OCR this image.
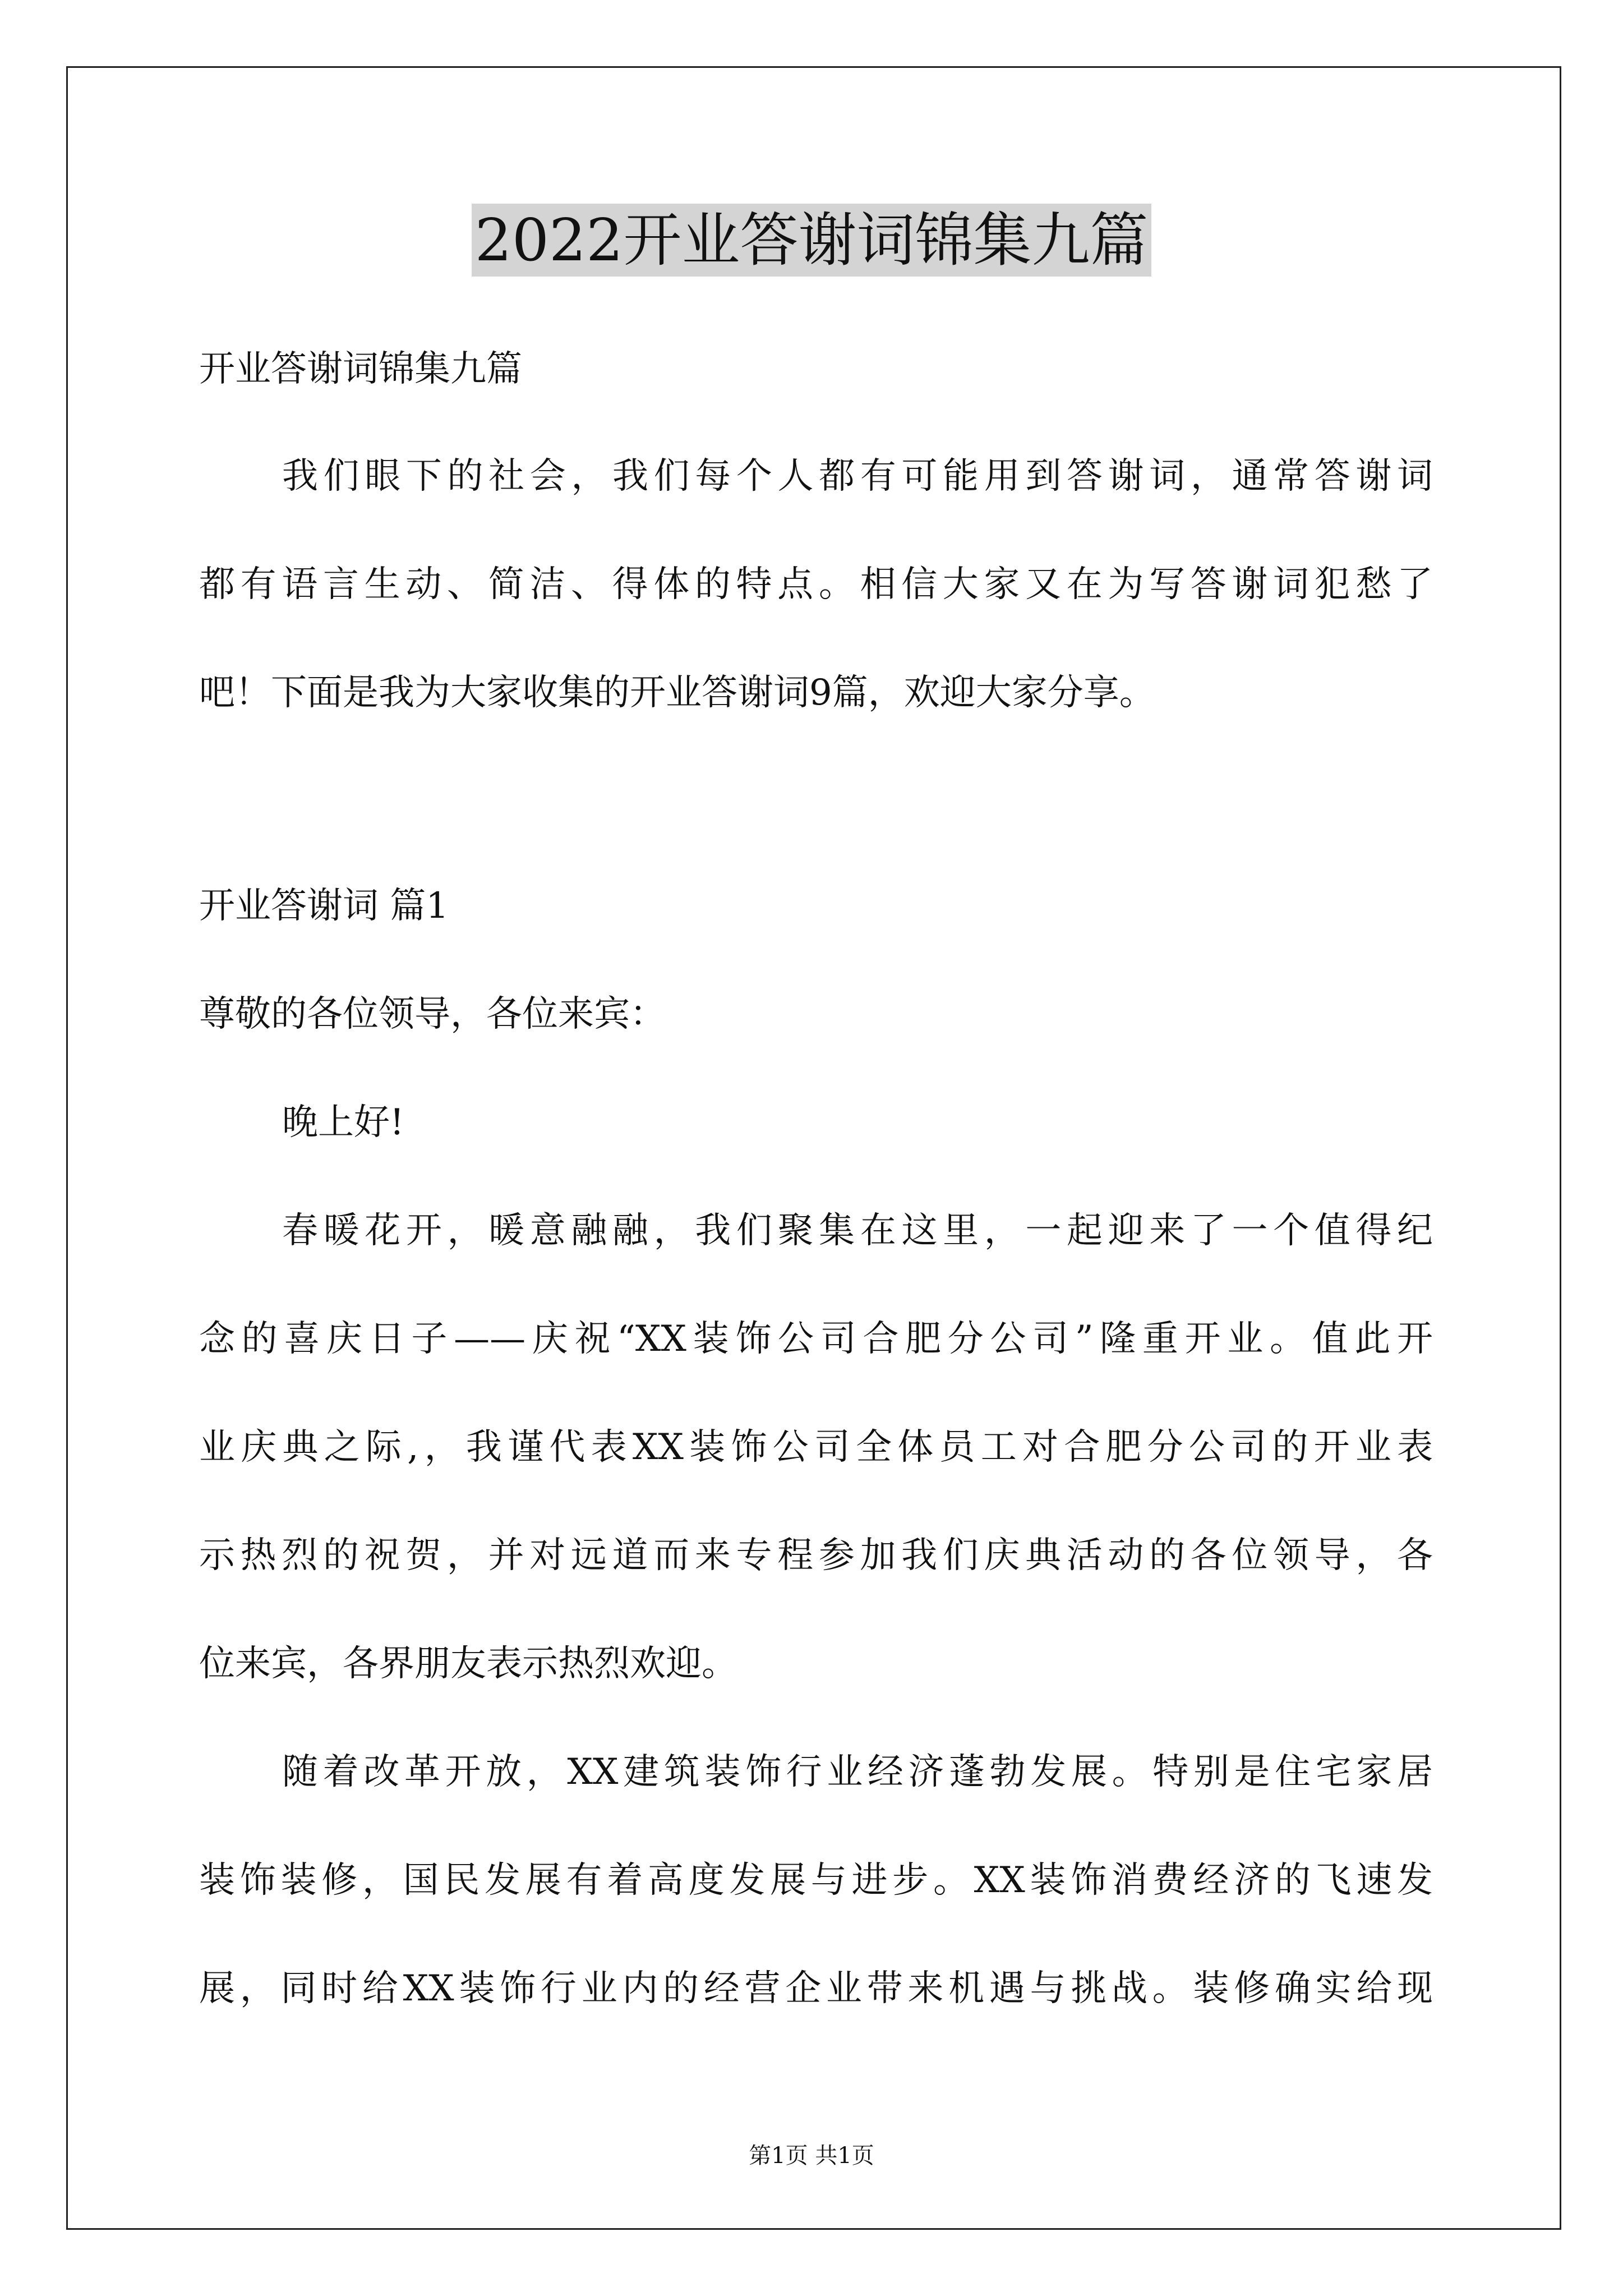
2022开业答谢词锦集九篇
开业答谢词锦集九篇
我们眼下的社会，我们每个人都有可能用到答谢词，通常答谢词
都有语言生动、简洁、得体的特点。相信大家又在为写答谢词犯愁了
吧！下面是我为大家收集的开业答谢词9篇，欢迎大家分享。
开业答谢词 篇1
尊敬的各位领导，各位来宾：
晚上好!
春暖花开，暖意融融，我们聚集在这里，一起迎来了一个值得纪
念的喜庆日子——庆祝“XX装饰公司合肥分公司”隆重开业。值此开
业庆典之际,，我谨代表XX装饰公司全体员工对合肥分公司的开业表
示热烈的祝贺，并对远道而来专程参加我们庆典活动的各位领导，各
位来宾，各界朋友表示热烈欢迎。
随着改革开放，XX建筑装饰行业经济蓬勃发展。特别是住宅家居
装饰装修，国民发展有着高度发展与进步。XX装饰消费经济的飞速发
展，同时给XX装饰行业内的经营企业带来机遇与挑战。装修确实给现
第1页 共1页
